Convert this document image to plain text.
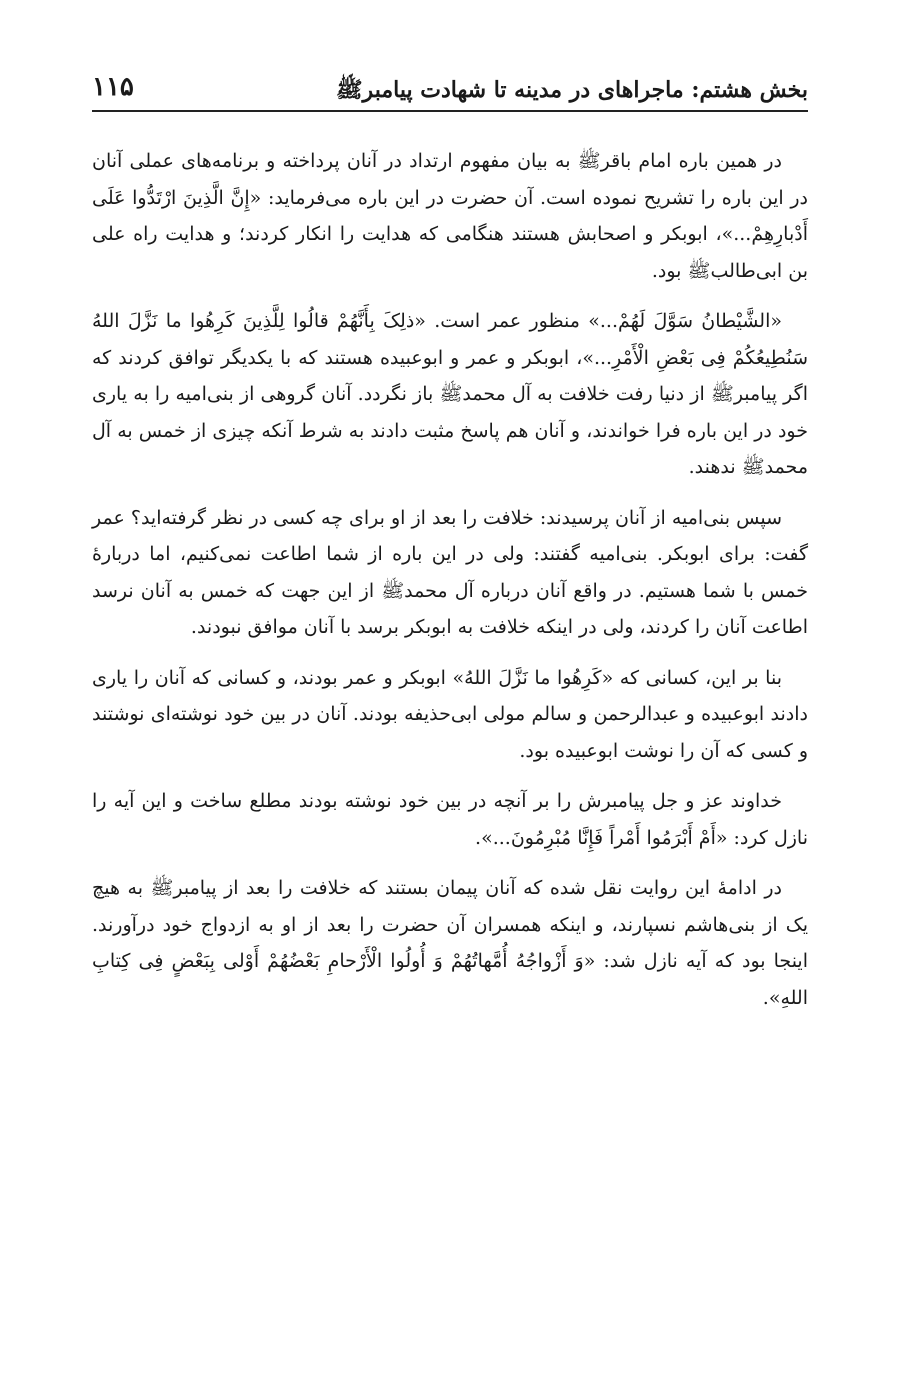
بخش هشتم: ماجراهای در مدینه تا شهادت پیامبرﷺ
۱۱۵

در همین باره امام باقرﷺ به بیان مفهوم ارتداد در آنان پرداخته و برنامه‌های عملی آنان در این باره را تشریح نموده است. آن حضرت در این باره می‌فرماید: «إِنَّ الَّذِینَ ارْتَدُّوا عَلَى أَدْبارِهِمْ...»، ابوبکر و اصحابش هستند هنگامی که هدایت را انکار کردند؛ و هدایت راه علی بن ابی‌طالبﷺ بود.

«الشَّیْطانُ سَوَّلَ لَهُمْ...» منظور عمر است. «ذلِکَ بِأَنَّهُمْ قالُوا لِلَّذِینَ کَرِهُوا ما نَزَّلَ اللهُ سَنُطِیعُکُمْ فِی بَعْضِ الْأَمْرِ...»، ابوبکر و عمر و ابوعبیده هستند که با یکدیگر توافق کردند که اگر پیامبرﷺ از دنیا رفت خلافت به آل محمدﷺ باز نگردد. آنان گروهی از بنی‌امیه را به یاری خود در این باره فرا خواندند، و آنان هم پاسخ مثبت دادند به شرط آنکه چیزی از خمس به آل محمدﷺ ندهند.

سپس بنی‌امیه از آنان پرسیدند: خلافت را بعد از او برای چه کسی در نظر گرفته‌اید؟ عمر گفت: برای ابوبکر. بنی‌امیه گفتند: ولی در این باره از شما اطاعت نمی‌کنیم، اما دربارهٔ خمس با شما هستیم. در واقع آنان درباره آل محمدﷺ از این جهت که خمس به آنان نرسد اطاعت آنان را کردند، ولی در اینکه خلافت به ابوبکر برسد با آنان موافق نبودند.

بنا بر این، کسانی که «کَرِهُوا ما نَزَّلَ اللهُ» ابوبکر و عمر بودند، و کسانی که آنان را یاری دادند ابوعبیده و عبدالرحمن و سالم مولی ابی‌حذیفه بودند. آنان در بین خود نوشته‌ای نوشتند و کسی که آن را نوشت ابوعبیده بود.

خداوند عز و جل پیامبرش را بر آنچه در بین خود نوشته بودند مطلع ساخت و این آیه را نازل کرد: «أَمْ أَبْرَمُوا أَمْراً فَإِنَّا مُبْرِمُونَ...».

در ادامهٔ این روایت نقل شده که آنان پیمان بستند که خلافت را بعد از پیامبرﷺ به هیچ یک از بنی‌هاشم نسپارند، و اینکه همسران آن حضرت را بعد از او به ازدواج خود درآورند. اینجا بود که آیه نازل شد: «وَ أَزْواجُهُ أُمَّهاتُهُمْ وَ أُولُوا الْأَرْحامِ بَعْضُهُمْ أَوْلى بِبَعْضٍ فِی کِتابِ اللهِ».
